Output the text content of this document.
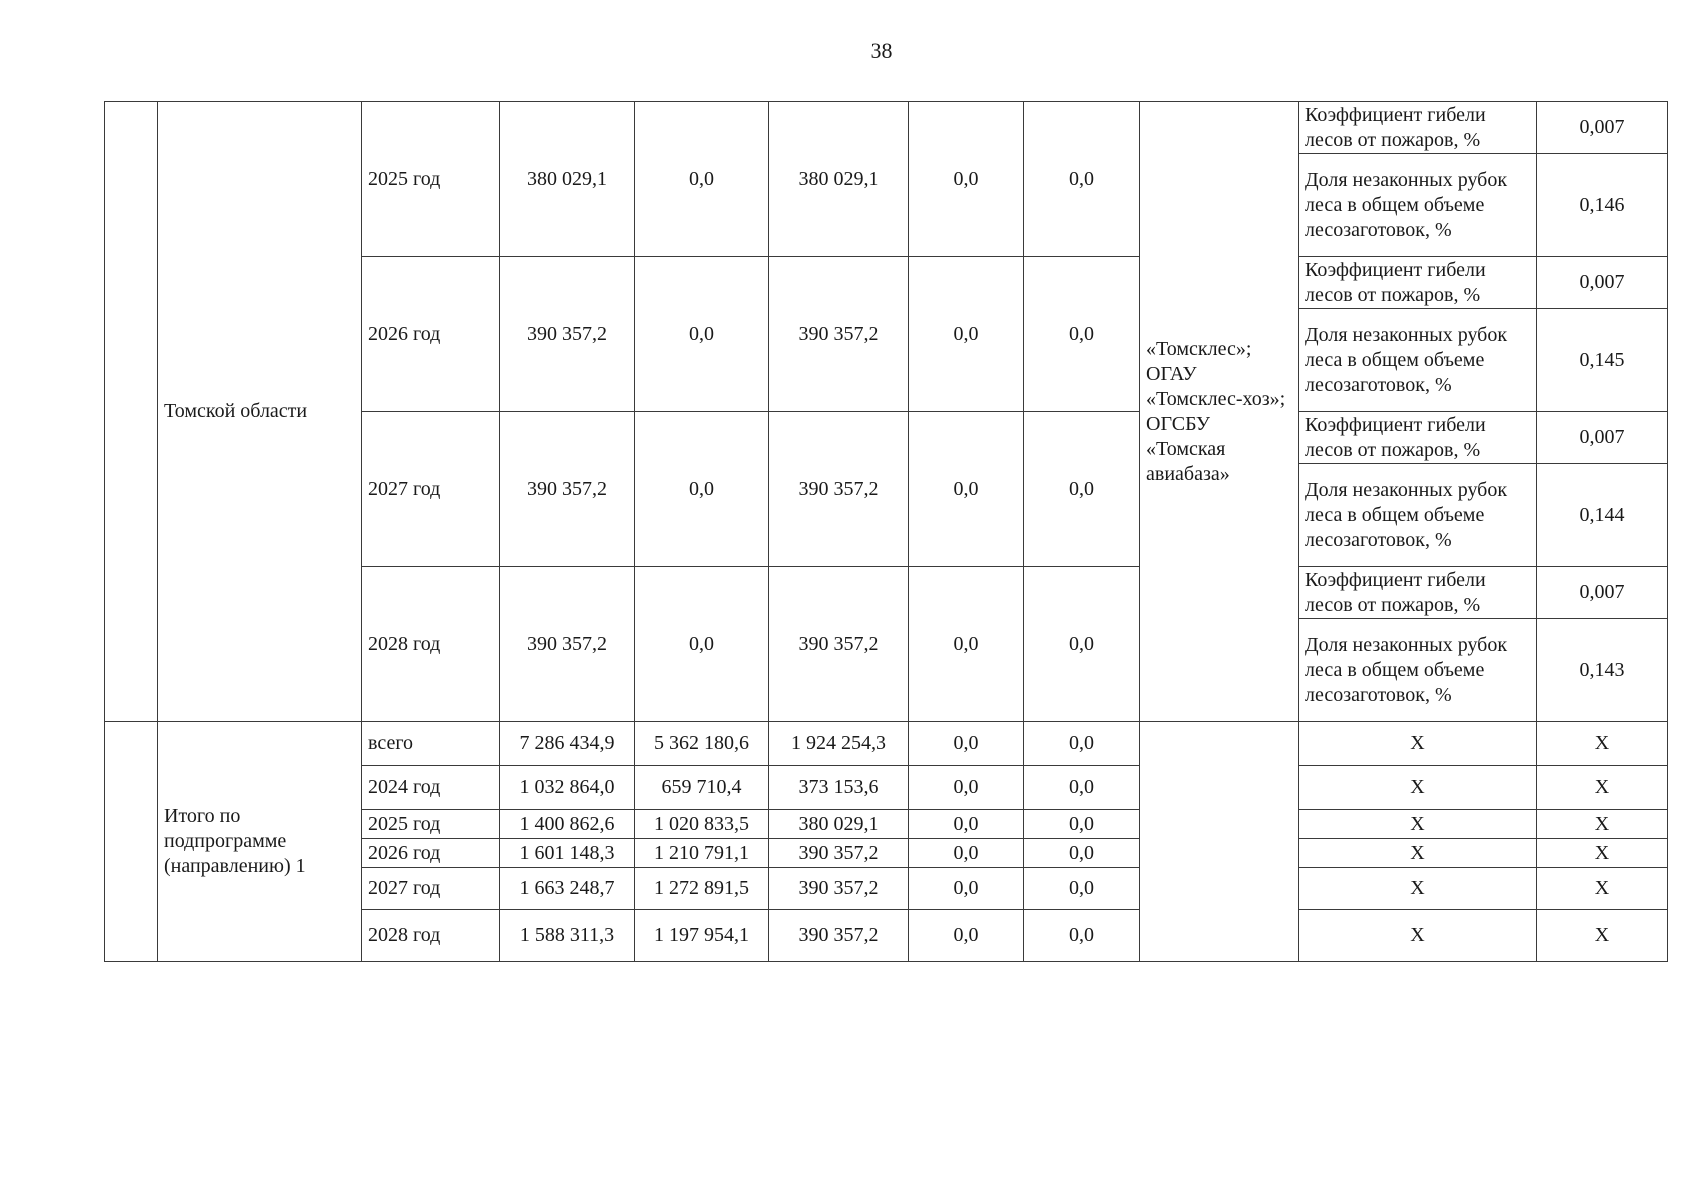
38
	Томской области	2025 год	380 029,1	0,0	380 029,1	0,0	0,0	«Томсклес»; ОГАУ «Томсклес-хоз»; ОГСБУ «Томская авиабаза»	Коэффициент гибели лесов от пожаров, %	0,007
									Доля незаконных рубок леса в общем объеме лесозаготовок, %	0,146
		2026 год	390 357,2	0,0	390 357,2	0,0	0,0		Коэффициент гибели лесов от пожаров, %	0,007
									Доля незаконных рубок леса в общем объеме лесозаготовок, %	0,145
		2027 год	390 357,2	0,0	390 357,2	0,0	0,0		Коэффициент гибели лесов от пожаров, %	0,007
									Доля незаконных рубок леса в общем объеме лесозаготовок, %	0,144
		2028 год	390 357,2	0,0	390 357,2	0,0	0,0		Коэффициент гибели лесов от пожаров, %	0,007
									Доля незаконных рубок леса в общем объеме лесозаготовок, %	0,143
	Итого по подпрограмме (направлению) 1	всего	7 286 434,9	5 362 180,6	1 924 254,3	0,0	0,0		X	X
		2024 год	1 032 864,0	659 710,4	373 153,6	0,0	0,0		X	X
		2025 год	1 400 862,6	1 020 833,5	380 029,1	0,0	0,0		X	X
		2026 год	1 601 148,3	1 210 791,1	390 357,2	0,0	0,0		X	X
		2027 год	1 663 248,7	1 272 891,5	390 357,2	0,0	0,0		X	X
		2028 год	1 588 311,3	1 197 954,1	390 357,2	0,0	0,0		X	X
